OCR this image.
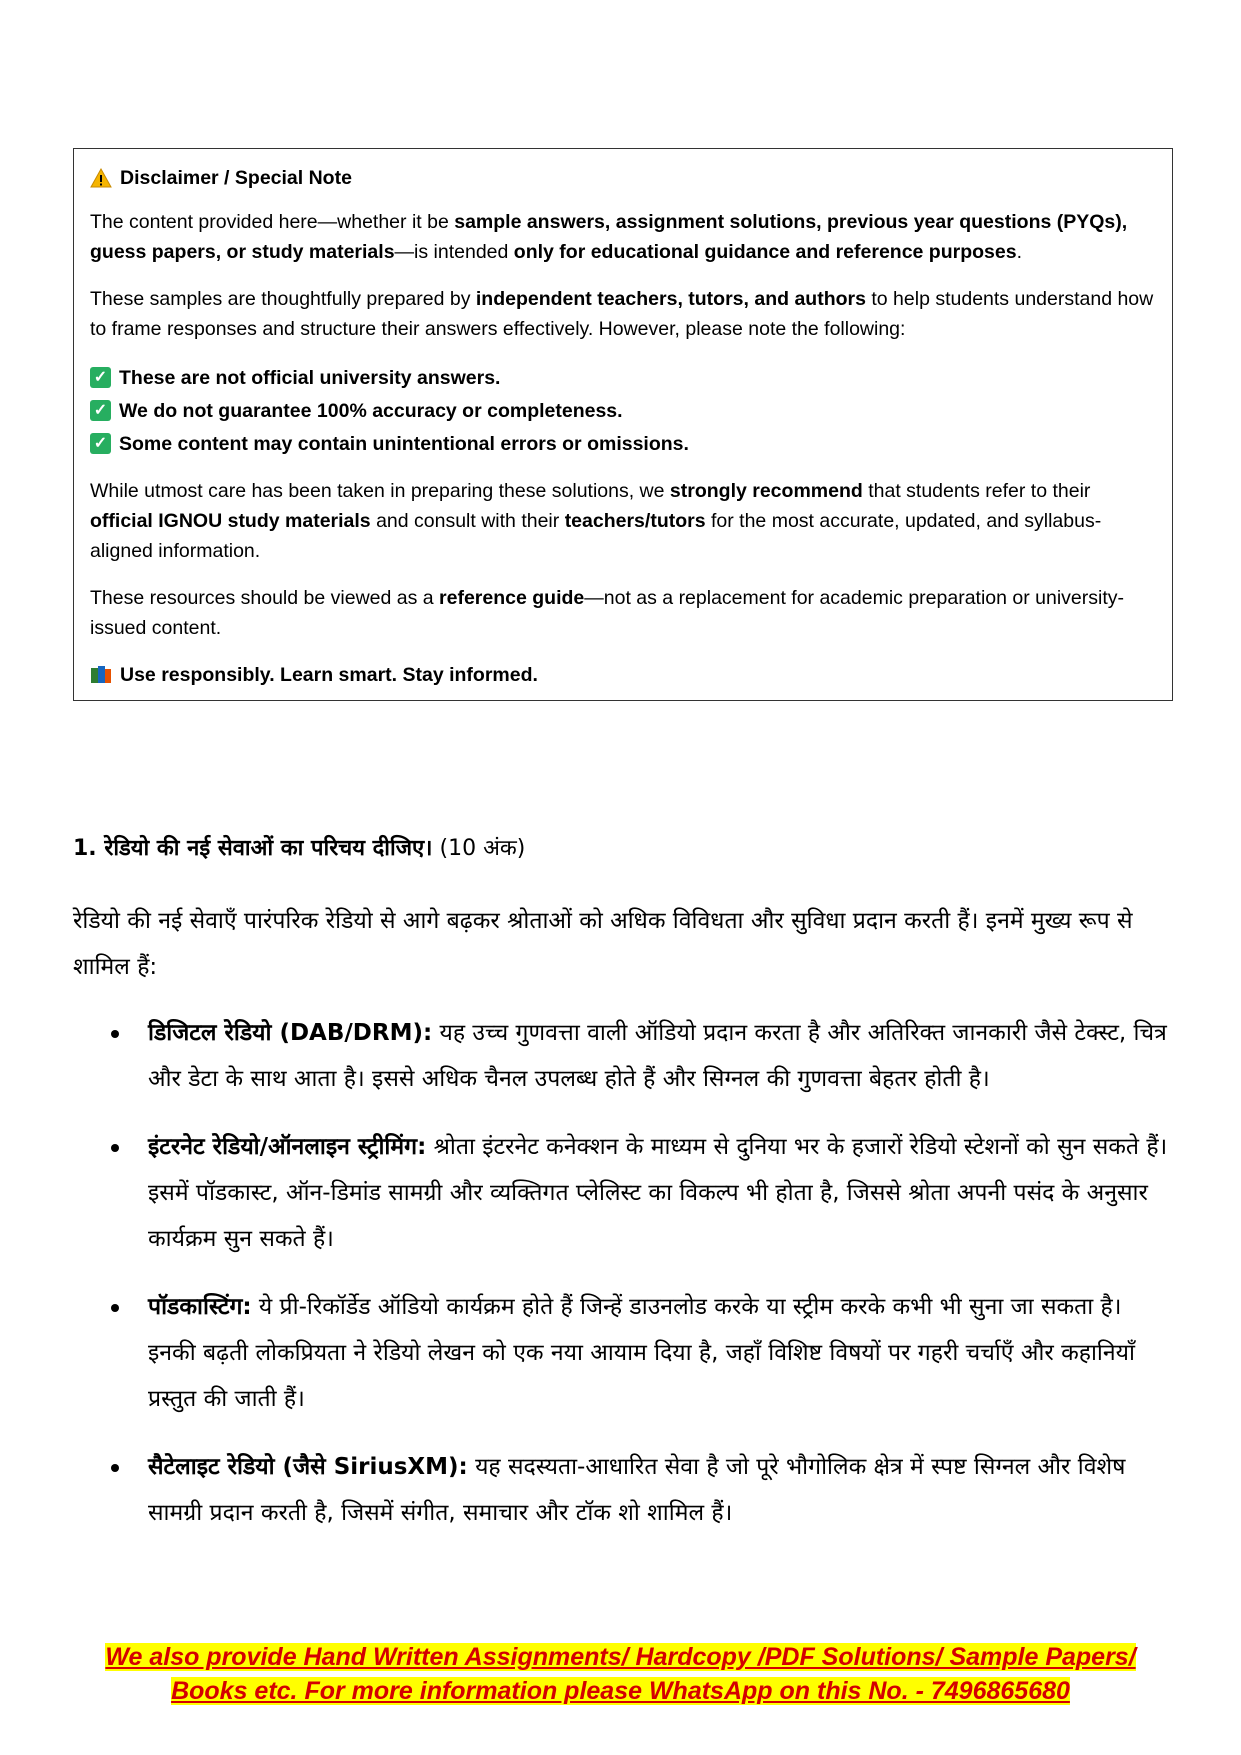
Disclaimer / Special Note

The content provided here—whether it be sample answers, assignment solutions, previous year questions (PYQs), guess papers, or study materials—is intended only for educational guidance and reference purposes.

These samples are thoughtfully prepared by independent teachers, tutors, and authors to help students understand how to frame responses and structure their answers effectively. However, please note the following:

✓ These are not official university answers.
✓ We do not guarantee 100% accuracy or completeness.
✓ Some content may contain unintentional errors or omissions.

While utmost care has been taken in preparing these solutions, we strongly recommend that students refer to their official IGNOU study materials and consult with their teachers/tutors for the most accurate, updated, and syllabus-aligned information.

These resources should be viewed as a reference guide—not as a replacement for academic preparation or university-issued content.

Use responsibly. Learn smart. Stay informed.

1. रेडियो की नई सेवाओं का परिचय दीजिए। (10 अंक)
रेडियो की नई सेवाएँ पारंपरिक रेडियो से आगे बढ़कर श्रोताओं को अधिक विविधता और सुविधा प्रदान करती हैं। इनमें मुख्य रूप से शामिल हैं:
डिजिटल रेडियो (DAB/DRM): यह उच्च गुणवत्ता वाली ऑडियो प्रदान करता है और अतिरिक्त जानकारी जैसे टेक्स्ट, चित्र और डेटा के साथ आता है। इससे अधिक चैनल उपलब्ध होते हैं और सिग्नल की गुणवत्ता बेहतर होती है।
इंटरनेट रेडियो/ऑनलाइन स्ट्रीमिंग: श्रोता इंटरनेट कनेक्शन के माध्यम से दुनिया भर के हजारों रेडियो स्टेशनों को सुन सकते हैं। इसमें पॉडकास्ट, ऑन-डिमांड सामग्री और व्यक्तिगत प्लेलिस्ट का विकल्प भी होता है, जिससे श्रोता अपनी पसंद के अनुसार कार्यक्रम सुन सकते हैं।
पॉडकास्टिंग: ये प्री-रिकॉर्डेड ऑडियो कार्यक्रम होते हैं जिन्हें डाउनलोड करके या स्ट्रीम करके कभी भी सुना जा सकता है। इनकी बढ़ती लोकप्रियता ने रेडियो लेखन को एक नया आयाम दिया है, जहाँ विशिष्ट विषयों पर गहरी चर्चाएँ और कहानियाँ प्रस्तुत की जाती हैं।
सैटेलाइट रेडियो (जैसे SiriusXM): यह सदस्यता-आधारित सेवा है जो पूरे भौगोलिक क्षेत्र में स्पष्ट सिग्नल और विशेष सामग्री प्रदान करती है, जिसमें संगीत, समाचार और टॉक शो शामिल हैं।
We also provide Hand Written Assignments/ Hardcopy /PDF Solutions/ Sample Papers/
Books etc. For more information please WhatsApp on this No. - 7496865680
